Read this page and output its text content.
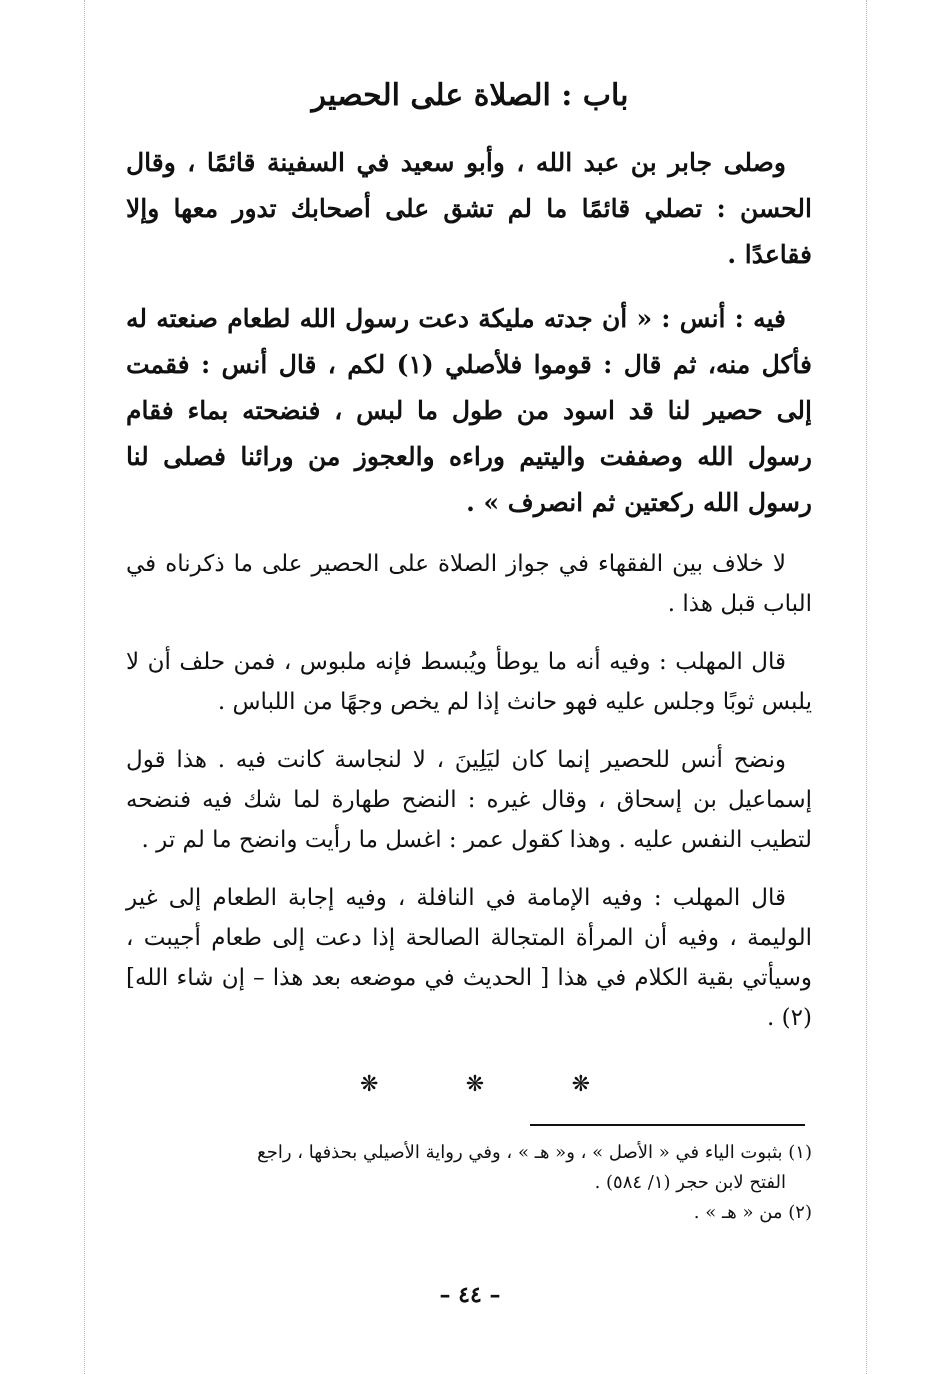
باب : الصلاة على الحصير

وصلى جابر بن عبد الله ، وأبو سعيد في السفينة قائمًا ، وقال الحسن : تصلي قائمًا ما لم تشق على أصحابك تدور معها وإلا فقاعدًا .

فيه : أنس : « أن جدته مليكة دعت رسول الله لطعام صنعته له فأكل منه، ثم قال : قوموا فلأصلي (١) لكم ، قال أنس : فقمت إلى حصير لنا قد اسود من طول ما لبس ، فنضحته بماء فقام رسول الله وصففت واليتيم وراءه والعجوز من ورائنا فصلى لنا رسول الله ركعتين ثم انصرف » .

لا خلاف بين الفقهاء في جواز الصلاة على الحصير على ما ذكرناه في الباب قبل هذا .

قال المهلب : وفيه أنه ما يوطأ ويُبسط فإنه ملبوس ، فمن حلف أن لا يلبس ثوبًا وجلس عليه فهو حانث إذا لم يخص وجهًا من اللباس .

ونضح أنس للحصير إنما كان ليَلِينَ ، لا لنجاسة كانت فيه . هذا قول إسماعيل بن إسحاق ، وقال غيره : النضح طهارة لما شك فيه فنضحه لتطيب النفس عليه . وهذا كقول عمر : اغسل ما رأيت وانضح ما لم تر .

قال المهلب : وفيه الإمامة في النافلة ، وفيه إجابة الطعام إلى غير الوليمة ، وفيه أن المرأة المتجالة الصالحة إذا دعت إلى طعام أجيبت ، وسيأتي بقية الكلام في هذا [ الحديث في موضعه بعد هذا – إن شاء الله](٢) .

❋	❋	❋

(١) بثبوت الياء في « الأصل » ، و« هـ » ، وفي رواية الأصيلي بحذفها ، راجع

الفتح لابن حجر (١/ ٥٨٤) .

(٢) من « هـ » .

– ٤٤ –
